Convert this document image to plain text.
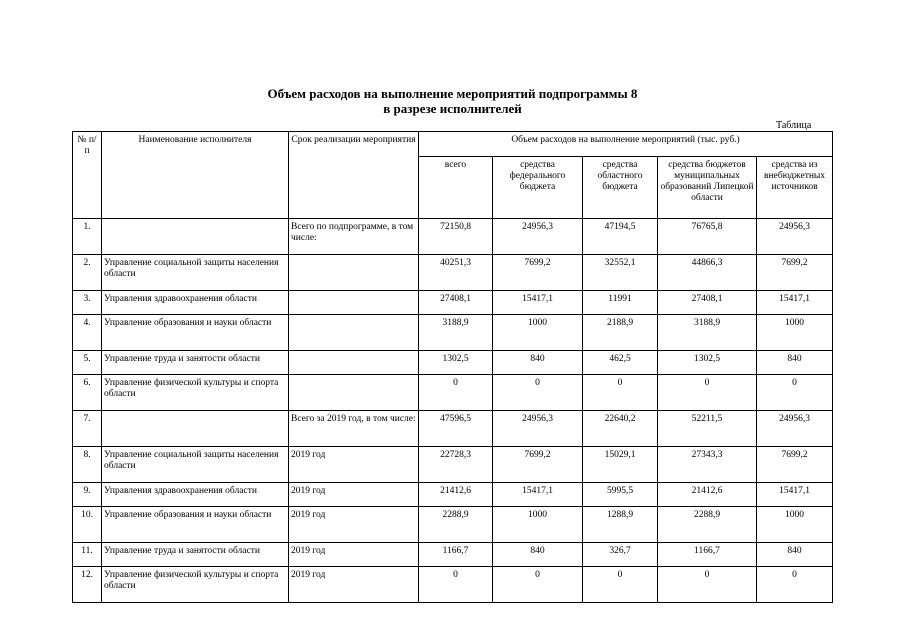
Объем расходов на выполнение мероприятий подпрограммы 8
в разрезе исполнителей
Таблица
№ п/п	Наименование исполнителя	Срок реализации мероприятия	Объем расходов на выполнение мероприятий (тыс. руб.)				
			всего	средства федерального бюджета	средства областного бюджета	средства бюджетов муниципальных образований Липецкой области	средства из внебюджетных источников
1.		Всего по подпрограмме, в том числе:	72150,8	24956,3	47194,5	76765,8	24956,3
2.	Управление социальной защиты населения области		40251,3	7699,2	32552,1	44866,3	7699,2
3.	Управления здравоохранения области		27408,1	15417,1	11991	27408,1	15417,1
4.	Управление образования и науки области		3188,9	1000	2188,9	3188,9	1000
5.	Управление труда и занятости области		1302,5	840	462,5	1302,5	840
6.	Управление физической культуры и спорта области		0	0	0	0	0
7.		Всего за 2019 год, в том числе:	47596,5	24956,3	22640,2	52211,5	24956,3
8.	Управление социальной защиты населения области	2019 год	22728,3	7699,2	15029,1	27343,3	7699,2
9.	Управления здравоохранения области	2019 год	21412,6	15417,1	5995,5	21412,6	15417,1
10.	Управление образования и науки области	2019 год	2288,9	1000	1288,9	2288,9	1000
11.	Управление труда и занятости области	2019 год	1166,7	840	326,7	1166,7	840
12.	Управление физической культуры и спорта области	2019 год	0	0	0	0	0
